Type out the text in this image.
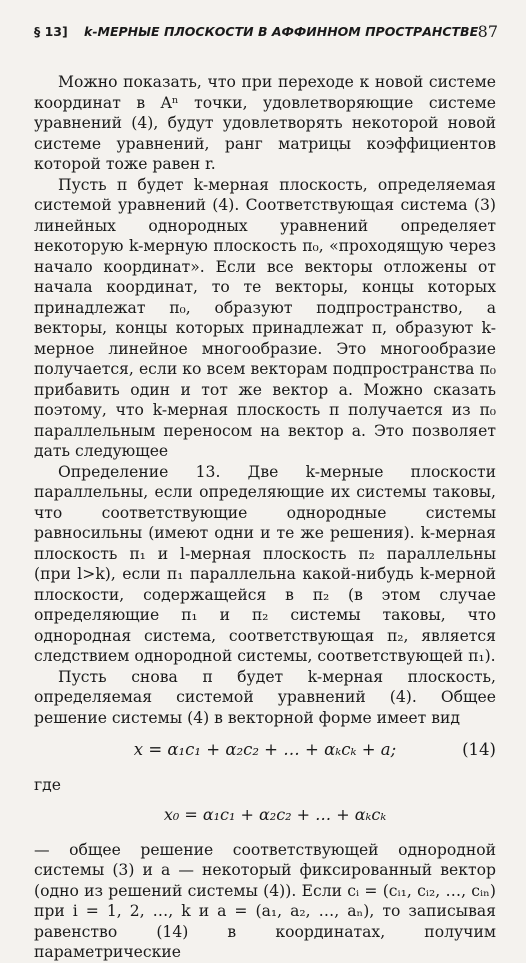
§ 13] k-МЕРНЫЕ ПЛОСКОСТИ В АФФИННОМ ПРОСТРАНСТВЕ 87

Можно показать, что при переходе к новой системе координат в Aⁿ точки, удовлетворяющие системе уравнений (4), будут удовлетворять некоторой новой системе уравнений, ранг матрицы коэффициентов которой тоже равен r.

Пусть π будет k-мерная плоскость, определяемая системой уравнений (4). Соответствующая система (3) линейных однородных уравнений определяет некоторую k-мерную плоскость π₀, «проходящую через начало координат». Если все векторы отложены от начала координат, то те векторы, концы которых принадлежат π₀, образуют подпространство, а векторы, концы которых принадлежат π, образуют k-мерное линейное многообразие. Это многообразие получается, если ко всем векторам подпространства π₀ прибавить один и тот же вектор a. Можно сказать поэтому, что k-мерная плоскость π получается из π₀ параллельным переносом на вектор a. Это позволяет дать следующее

Определение 13. Две k-мерные плоскости параллельны, если определяющие их системы таковы, что соответствующие однородные системы равносильны (имеют одни и те же решения). k-мерная плоскость π₁ и l-мерная плоскость π₂ параллельны (при l>k), если π₁ параллельна какой-нибудь k-мерной плоскости, содержащейся в π₂ (в этом случае определяющие π₁ и π₂ системы таковы, что однородная система, соответствующая π₂, является следствием однородной системы, соответствующей π₁).

Пусть снова π будет k-мерная плоскость, определяемая системой уравнений (4). Общее решение системы (4) в векторной форме имеет вид

x = α₁c₁ + α₂c₂ + … + αₖcₖ + a;	(14)

где

x₀ = α₁c₁ + α₂c₂ + … + αₖcₖ

— общее решение соответствующей однородной системы (3) и a — некоторый фиксированный вектор (одно из решений системы (4)). Если cᵢ = (cᵢ₁, cᵢ₂, …, cᵢₙ) при i = 1, 2, …, k и a = (a₁, a₂, …, aₙ), то записывая равенство (14) в координатах, получим параметрические
